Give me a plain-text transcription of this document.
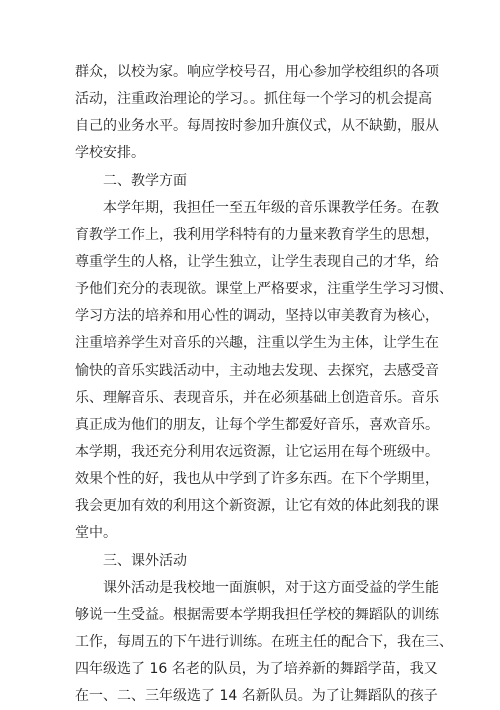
群众，以校为家。响应学校号召，用心参加学校组织的各项
活动，注重政治理论的学习。。抓住每一个学习的机会提高
自己的业务水平。每周按时参加升旗仪式，从不缺勤，服从
学校安排。
二、教学方面
本学年期，我担任一至五年级的音乐课教学任务。在教
育教学工作上，我利用学科特有的力量来教育学生的思想，
尊重学生的人格，让学生独立，让学生表现自己的才华，给
予他们充分的表现欲。课堂上严格要求，注重学生学习习惯、
学习方法的培养和用心性的调动，坚持以审美教育为核心，
注重培养学生对音乐的兴趣，注重以学生为主体，让学生在
愉快的音乐实践活动中，主动地去发现、去探究，去感受音
乐、理解音乐、表现音乐，并在必须基础上创造音乐。音乐
真正成为他们的朋友，让每个学生都爱好音乐，喜欢音乐。
本学期，我还充分利用农远资源，让它运用在每个班级中。
效果个性的好，我也从中学到了许多东西。在下个学期里，
我会更加有效的利用这个新资源，让它有效的体此刻我的课
堂中。
三、课外活动
课外活动是我校地一面旗帜，对于这方面受益的学生能
够说一生受益。根据需要本学期我担任学校的舞蹈队的训练
工作，每周五的下午进行训练。在班主任的配合下，我在三、
四年级选了 16 名老的队员，为了培养新的舞蹈学苗，我又
在一、二、三年级选了 14 名新队员。为了让舞蹈队的孩子
